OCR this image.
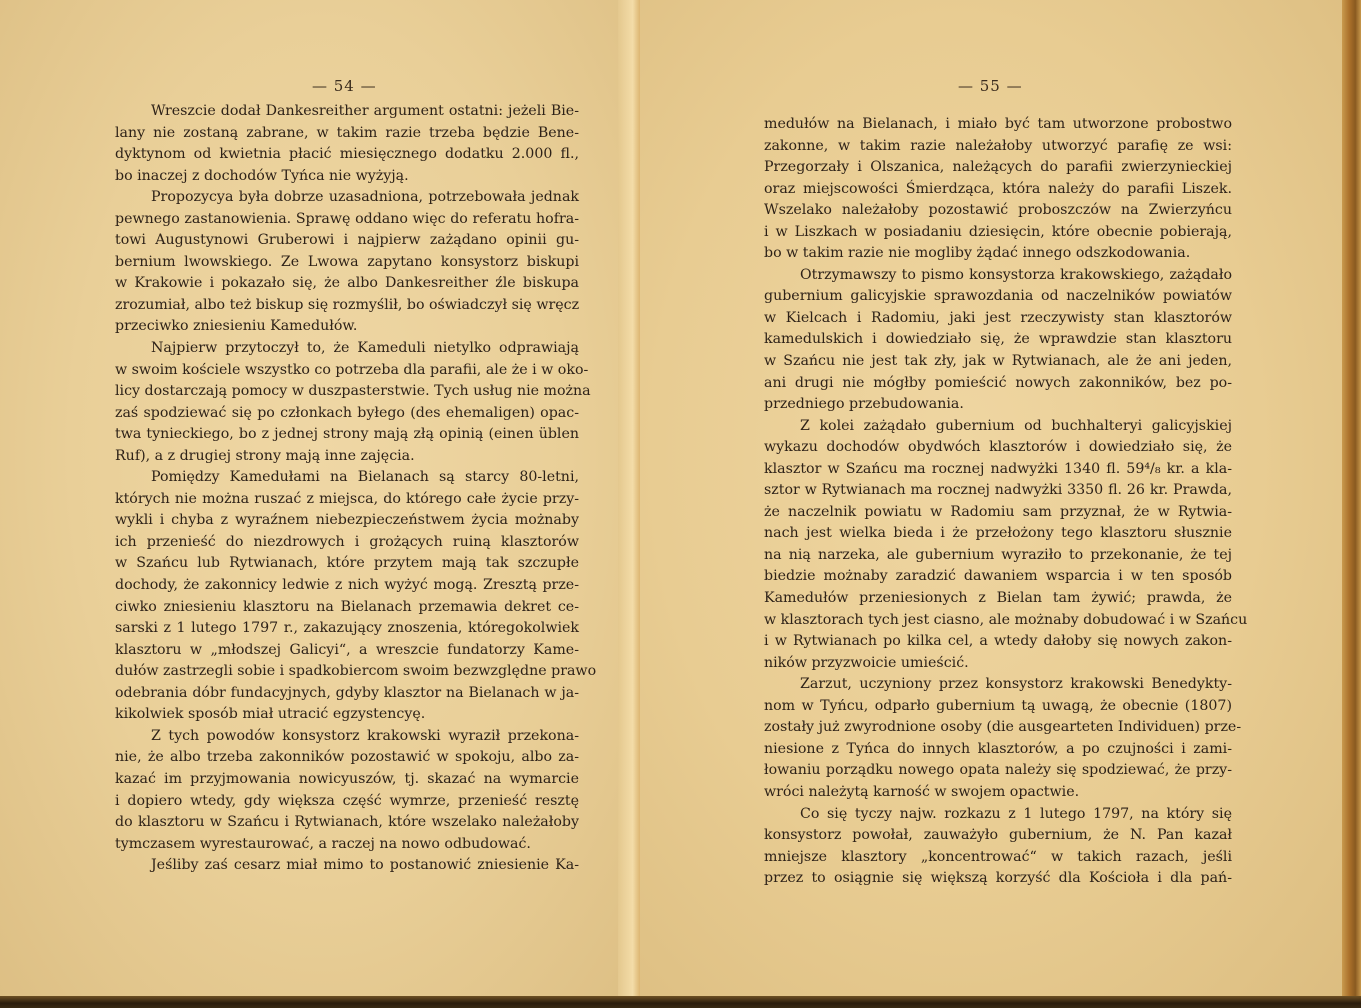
— 54 —
Wreszcie dodał Dankesreither argument ostatni: jeżeli Bie-
lany nie zostaną zabrane, w takim razie trzeba będzie Bene-
dyktynom od kwietnia płacić miesięcznego dodatku 2.000 fl.,
bo inaczej z dochodów Tyńca nie wyżyją.
Propozycya była dobrze uzasadniona, potrzebowała jednak
pewnego zastanowienia. Sprawę oddano więc do referatu hofra-
towi Augustynowi Gruberowi i najpierw zażądano opinii gu-
bernium lwowskiego. Ze Lwowa zapytano konsystorz biskupi
w Krakowie i pokazało się, że albo Dankesreither źle biskupa
zrozumiał, albo też biskup się rozmyślił, bo oświadczył się wręcz
przeciwko zniesieniu Kamedułów.
Najpierw przytoczył to, że Kameduli nietylko odprawiają
w swoim kościele wszystko co potrzeba dla parafii, ale że i w oko-
licy dostarczają pomocy w duszpasterstwie. Tych usług nie można
zaś spodziewać się po członkach byłego (des ehemaligen) opac-
twa tynieckiego, bo z jednej strony mają złą opinią (einen üblen
Ruf), a z drugiej strony mają inne zajęcia.
Pomiędzy Kamedułami na Bielanach są starcy 80-letni,
których nie można ruszać z miejsca, do którego całe życie przy-
wykli i chyba z wyraźnem niebezpieczeństwem życia możnaby
ich przenieść do niezdrowych i grożących ruiną klasztorów
w Szańcu lub Rytwianach, które przytem mają tak szczupłe
dochody, że zakonnicy ledwie z nich wyżyć mogą. Zresztą prze-
ciwko zniesieniu klasztoru na Bielanach przemawia dekret ce-
sarski z 1 lutego 1797 r., zakazujący znoszenia, któregokolwiek
klasztoru w „młodszej Galicyi“, a wreszcie fundatorzy Kame-
dułów zastrzegli sobie i spadkobiercom swoim bezwzględne prawo
odebrania dóbr fundacyjnych, gdyby klasztor na Bielanach w ja-
kikolwiek sposób miał utracić egzystencyę.
Z tych powodów konsystorz krakowski wyraził przekona-
nie, że albo trzeba zakonników pozostawić w spokoju, albo za-
kazać im przyjmowania nowicyuszów, tj. skazać na wymarcie
i dopiero wtedy, gdy większa część wymrze, przenieść resztę
do klasztoru w Szańcu i Rytwianach, które wszelako należałoby
tymczasem wyrestaurować, a raczej na nowo odbudować.
Jeśliby zaś cesarz miał mimo to postanowić zniesienie Ka-
— 55 —
medułów na Bielanach, i miało być tam utworzone probostwo
zakonne, w takim razie należałoby utworzyć parafię ze wsi:
Przegorzały i Olszanica, należących do parafii zwierzynieckiej
oraz miejscowości Śmierdząca, która należy do parafii Liszek.
Wszelako należałoby pozostawić proboszczów na Zwierzyńcu
i w Liszkach w posiadaniu dziesięcin, które obecnie pobierają,
bo w takim razie nie mogliby żądać innego odszkodowania.
Otrzymawszy to pismo konsystorza krakowskiego, zażądało
gubernium galicyjskie sprawozdania od naczelników powiatów
w Kielcach i Radomiu, jaki jest rzeczywisty stan klasztorów
kamedulskich i dowiedziało się, że wprawdzie stan klasztoru
w Szańcu nie jest tak zły, jak w Rytwianach, ale że ani jeden,
ani drugi nie mógłby pomieścić nowych zakonników, bez po-
przedniego przebudowania.
Z kolei zażądało gubernium od buchhalteryi galicyjskiej
wykazu dochodów obydwóch klasztorów i dowiedziało się, że
klasztor w Szańcu ma rocznej nadwyżki 1340 fl. 59⁴/₈ kr. a kla-
sztor w Rytwianach ma rocznej nadwyżki 3350 fl. 26 kr. Prawda,
że naczelnik powiatu w Radomiu sam przyznał, że w Rytwia-
nach jest wielka bieda i że przełożony tego klasztoru słusznie
na nią narzeka, ale gubernium wyraziło to przekonanie, że tej
biedzie możnaby zaradzić dawaniem wsparcia i w ten sposób
Kamedułów przeniesionych z Bielan tam żywić; prawda, że
w klasztorach tych jest ciasno, ale możnaby dobudować i w Szańcu
i w Rytwianach po kilka cel, a wtedy dałoby się nowych zakon-
ników przyzwoicie umieścić.
Zarzut, uczyniony przez konsystorz krakowski Benedykty-
nom w Tyńcu, odparło gubernium tą uwagą, że obecnie (1807)
zostały już zwyrodnione osoby (die ausgearteten Individuen) prze-
niesione z Tyńca do innych klasztorów, a po czujności i zami-
łowaniu porządku nowego opata należy się spodziewać, że przy-
wróci należytą karność w swojem opactwie.
Co się tyczy najw. rozkazu z 1 lutego 1797, na który się
konsystorz powołał, zauważyło gubernium, że N. Pan kazał
mniejsze klasztory „koncentrować“ w takich razach, jeśli
przez to osiągnie się większą korzyść dla Kościoła i dla pań-
